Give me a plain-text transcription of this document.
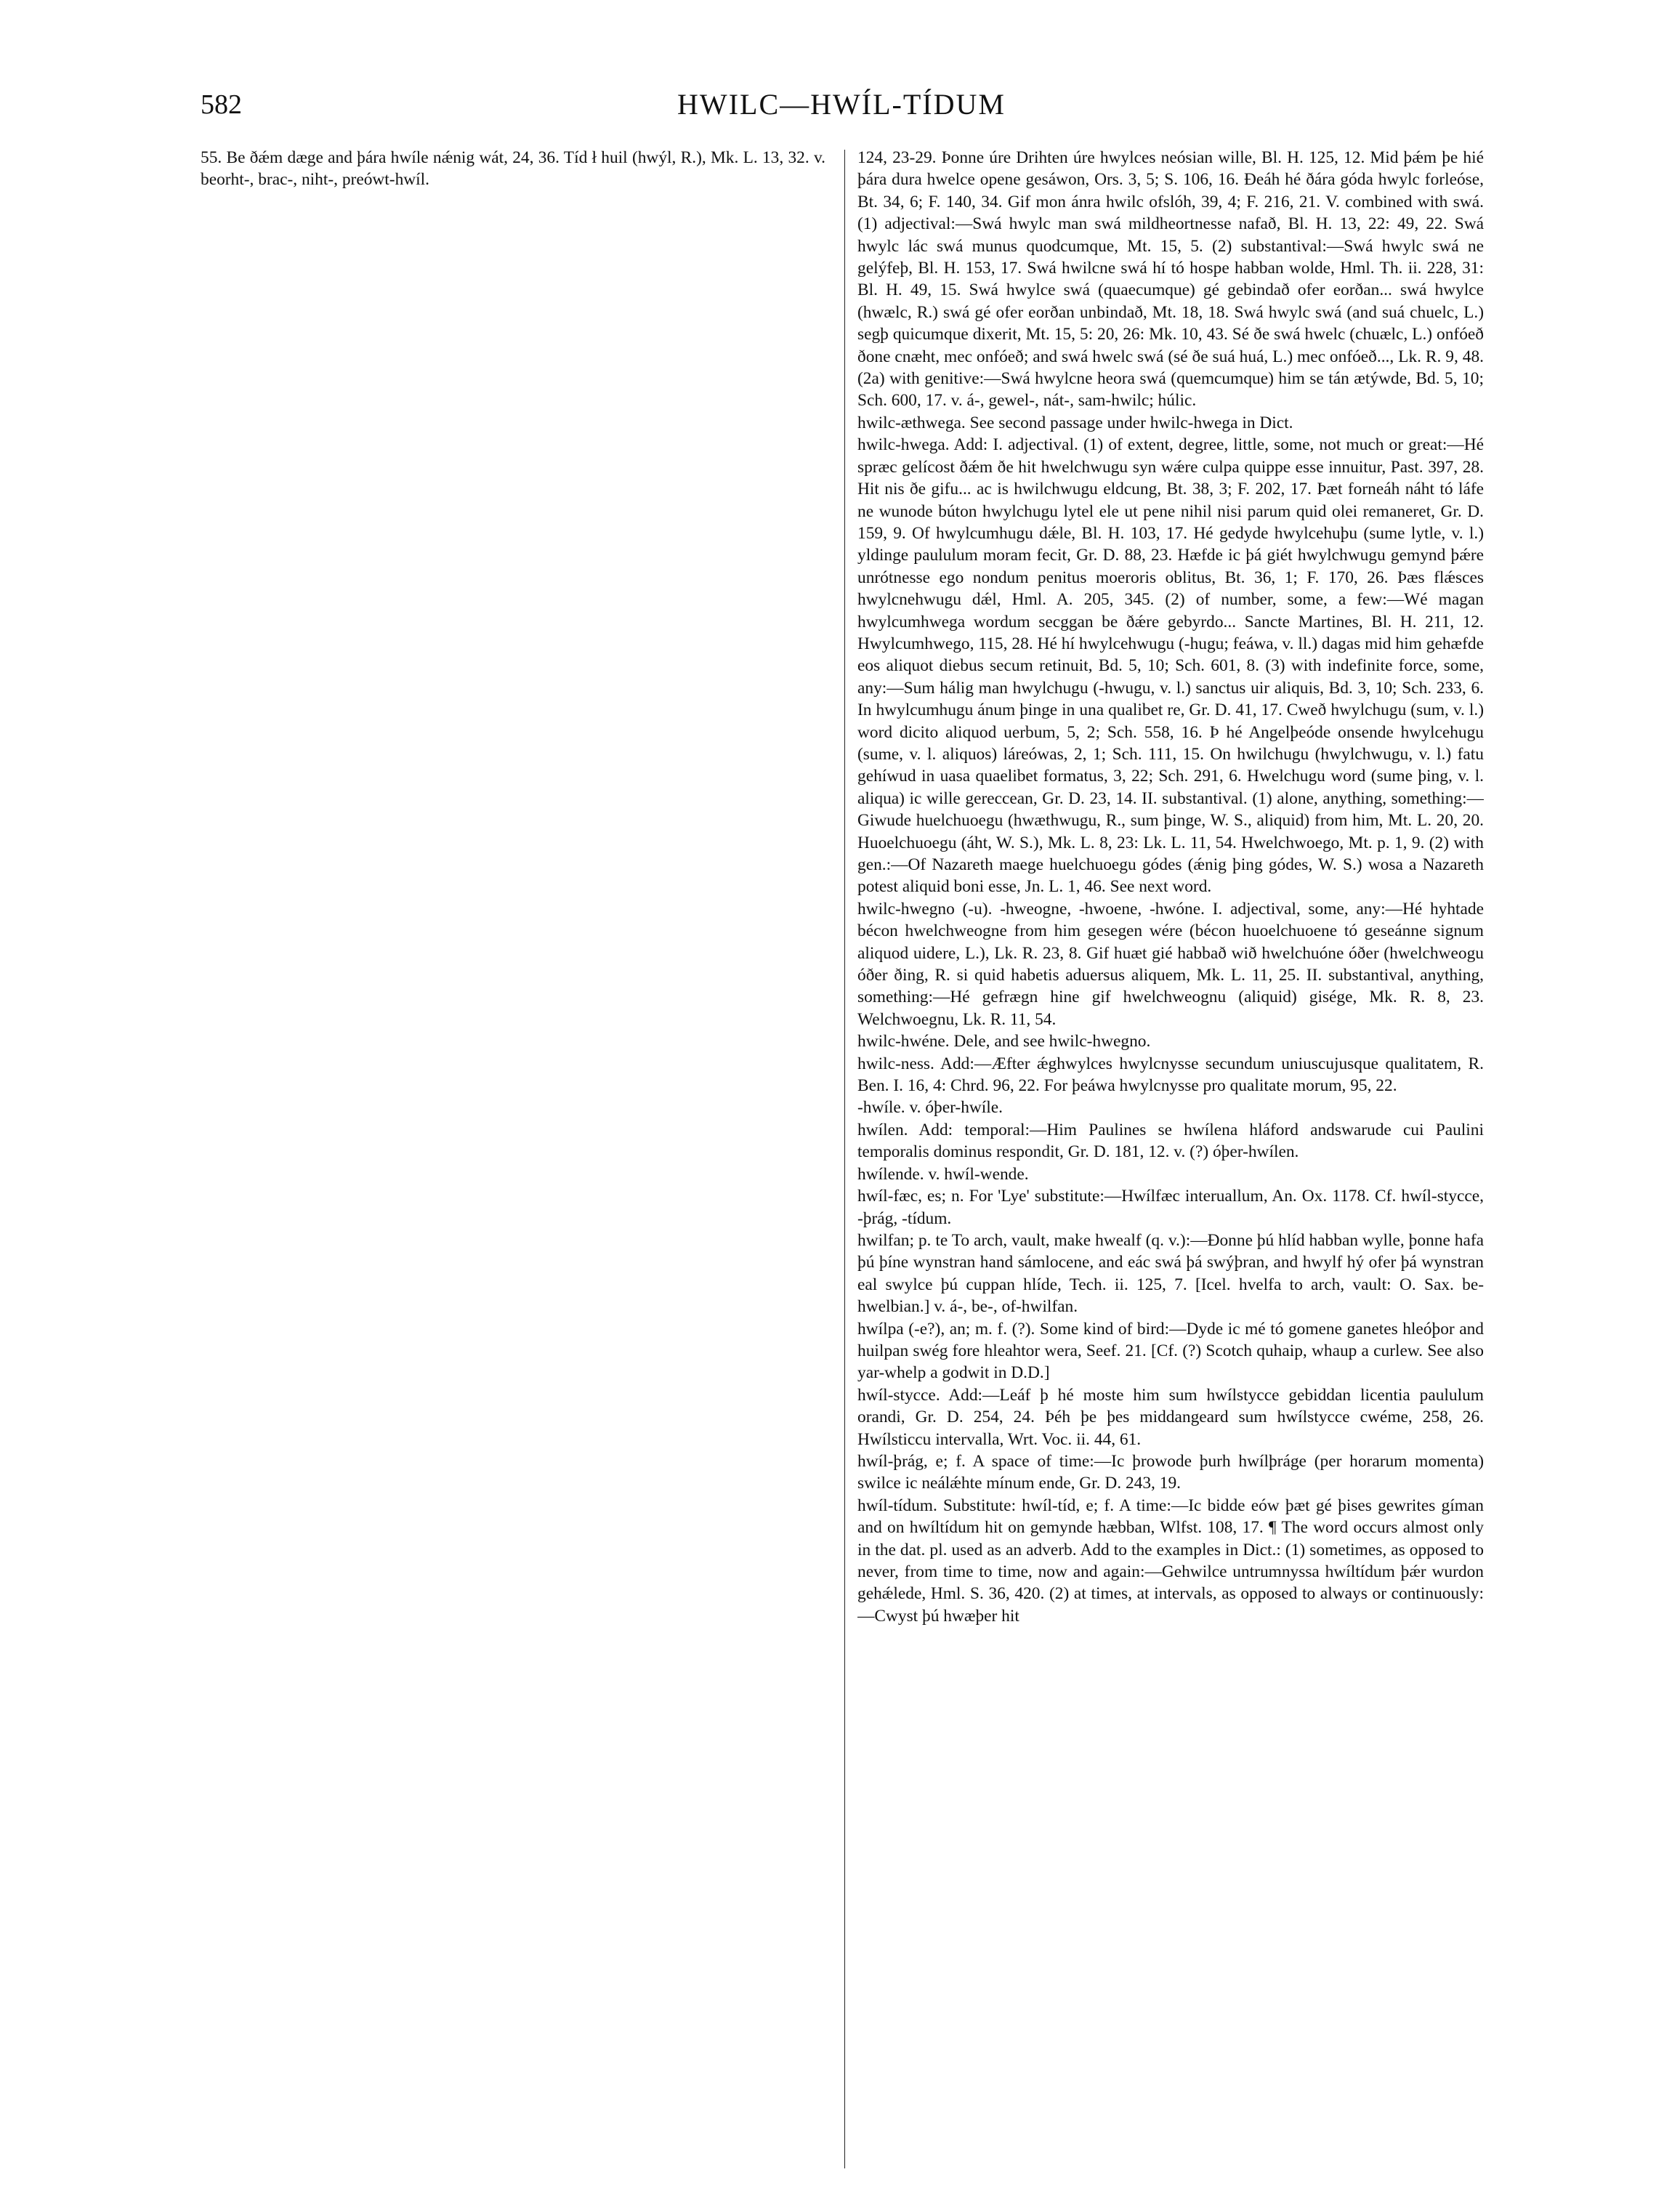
582	HWILC—HWÍL-TÍDUM

55. Be ðǽm dæge and þára hwíle nǽnig wát, 24, 36. Tíd ł huil (hwýl, R.), Mk. L. 13, 32. v. beorht-, brac-, niht-, preówt-hwíl.

124, 23-29. Þonne úre Drihten úre hwylces neósian wille, Bl. H. 125, 12. Mid þǽm þe hié þára dura hwelce opene gesáwon, Ors. 3, 5; S. 106, 16. Ðeáh hé ðára góda hwylc forleóse, Bt. 34, 6; F. 140, 34. Gif mon ánra hwilc ofslóh, 39, 4; F. 216, 21. V. combined with swá. (1) adjectival:—Swá hwylc man swá mildheortnesse nafað, Bl. H. 13, 22: 49, 22. Swá hwylc lác swá munus quodcumque, Mt. 15, 5. (2) substantival:—Swá hwylc swá ne gelýfeþ, Bl. H. 153, 17. Swá hwilcne swá hí tó hospe habban wolde, Hml. Th. ii. 228, 31: Bl. H. 49, 15. Swá hwylce swá (quaecumque) gé gebindað ofer eorðan... swá hwylce (hwælc, R.) swá gé ofer eorðan unbindað, Mt. 18, 18. Swá hwylc swá (and suá chuelc, L.) segþ quicumque dixerit, Mt. 15, 5: 20, 26: Mk. 10, 43. Sé ðe swá hwelc (chuælc, L.) onfóeð ðone cnæht, mec onfóeð; and swá hwelc swá (sé ðe suá huá, L.) mec onfóeð..., Lk. R. 9, 48. (2a) with genitive:—Swá hwylcne heora swá (quemcumque) him se tán ætýwde, Bd. 5, 10; Sch. 600, 17. v. á-, gewel-, nát-, sam-hwilc; húlic.

hwilc-æthwega. See second passage under hwilc-hwega in Dict.

hwilc-hwega. Add: I. adjectival. (1) of extent, degree, little, some, not much or great:—Hé spræc gelícost ðǽm ðe hit hwelchwugu syn wǽre culpa quippe esse innuitur, Past. 397, 28. Hit nis ðe gifu... ac is hwilchwugu eldcung, Bt. 38, 3; F. 202, 17. Þæt forneáh náht tó láfe ne wunode búton hwylchugu lytel ele ut pene nihil nisi parum quid olei remaneret, Gr. D. 159, 9. Of hwylcumhugu dǽle, Bl. H. 103, 17. Hé gedyde hwylcehuþu (sume lytle, v. l.) yldinge paululum moram fecit, Gr. D. 88, 23. Hæfde ic þá giét hwylchwugu gemynd þǽre unrótnesse ego nondum penitus moeroris oblitus, Bt. 36, 1; F. 170, 26. Þæs flǽsces hwylcnehwugu dǽl, Hml. A. 205, 345. (2) of number, some, a few:—Wé magan hwylcumhwega wordum secggan be ðǽre gebyrdo... Sancte Martines, Bl. H. 211, 12. Hwylcumhwego, 115, 28. Hé hí hwylcehwugu (-hugu; feáwa, v. ll.) dagas mid him gehæfde eos aliquot diebus secum retinuit, Bd. 5, 10; Sch. 601, 8. (3) with indefinite force, some, any:—Sum hálig man hwylchugu (-hwugu, v. l.) sanctus uir aliquis, Bd. 3, 10; Sch. 233, 6. In hwylcumhugu ánum þinge in una qualibet re, Gr. D. 41, 17. Cweð hwylchugu (sum, v. l.) word dicito aliquod uerbum, 5, 2; Sch. 558, 16. Þ hé Angelþeóde onsende hwylcehugu (sume, v. l. aliquos) láreówas, 2, 1; Sch. 111, 15. On hwilchugu (hwylchwugu, v. l.) fatu gehíwud in uasa quaelibet formatus, 3, 22; Sch. 291, 6. Hwelchugu word (sume þing, v. l. aliqua) ic wille gereccean, Gr. D. 23, 14. II. substantival. (1) alone, anything, something:—Giwude huelchuoegu (hwæthwugu, R., sum þinge, W. S., aliquid) from him, Mt. L. 20, 20. Huoelchuoegu (áht, W. S.), Mk. L. 8, 23: Lk. L. 11, 54. Hwelchwoego, Mt. p. 1, 9. (2) with gen.:—Of Nazareth maege huelchuoegu gódes (ǽnig þing gódes, W. S.) wosa a Nazareth potest aliquid boni esse, Jn. L. 1, 46. See next word.

hwilc-hwegno (-u). -hweogne, -hwoene, -hwóne. I. adjectival, some, any:—Hé hyhtade bécon hwelchweogne from him gesegen wére (bécon huoelchuoene tó geseánne signum aliquod uidere, L.), Lk. R. 23, 8. Gif huæt gié habbað wið hwelchuóne óðer (hwelchweogu óðer ðing, R. si quid habetis aduersus aliquem, Mk. L. 11, 25. II. substantival, anything, something:—Hé gefrægn hine gif hwelchweognu (aliquid) gisége, Mk. R. 8, 23. Welchwoegnu, Lk. R. 11, 54.

hwilc-hwéne. Dele, and see hwilc-hwegno.

hwilc-ness. Add:—Æfter ǽghwylces hwylcnysse secundum uniuscujusque qualitatem, R. Ben. I. 16, 4: Chrd. 96, 22. For þeáwa hwylcnysse pro qualitate morum, 95, 22.

-hwíle. v. óþer-hwíle.

hwílen. Add: temporal:—Him Paulines se hwílena hláford andswarude cui Paulini temporalis dominus respondit, Gr. D. 181, 12. v. (?) óþer-hwílen.

hwílende. v. hwíl-wende.

hwíl-fæc, es; n. For 'Lye' substitute:—Hwílfæc interuallum, An. Ox. 1178. Cf. hwíl-stycce, -þrág, -tídum.

hwilfan; p. te To arch, vault, make hwealf (q. v.):—Ðonne þú hlíd habban wylle, þonne hafa þú þíne wynstran hand sámlocene, and eác swá þá swýþran, and hwylf hý ofer þá wynstran eal swylce þú cuppan hlíde, Tech. ii. 125, 7. [Icel. hvelfa to arch, vault: O. Sax. be-hwelbian.] v. á-, be-, of-hwilfan.

hwílpa (-e?), an; m. f. (?). Some kind of bird:—Dyde ic mé tó gomene ganetes hleóþor and huilpan swég fore hleahtor wera, Seef. 21. [Cf. (?) Scotch quhaip, whaup a curlew. See also yar-whelp a godwit in D.D.]

hwíl-stycce. Add:—Leáf þ hé moste him sum hwílstycce gebiddan licentia paululum orandi, Gr. D. 254, 24. Þéh þe þes middangeard sum hwílstycce cwéme, 258, 26. Hwílsticcu intervalla, Wrt. Voc. ii. 44, 61.

hwíl-þrág, e; f. A space of time:—Ic þrowode þurh hwílþráge (per horarum momenta) swilce ic neálǽhte mínum ende, Gr. D. 243, 19.

hwíl-tídum. Substitute: hwíl-tíd, e; f. A time:—Ic bidde eów þæt gé þises gewrites gíman and on hwíltídum hit on gemynde hæbban, Wlfst. 108, 17. ¶ The word occurs almost only in the dat. pl. used as an adverb. Add to the examples in Dict.: (1) sometimes, as opposed to never, from time to time, now and again:—Gehwilce untrumnyssa hwíltídum þǽr wurdon gehǽlede, Hml. S. 36, 420. (2) at times, at intervals, as opposed to always or continuously:—Cwyst þú hwæþer hit
